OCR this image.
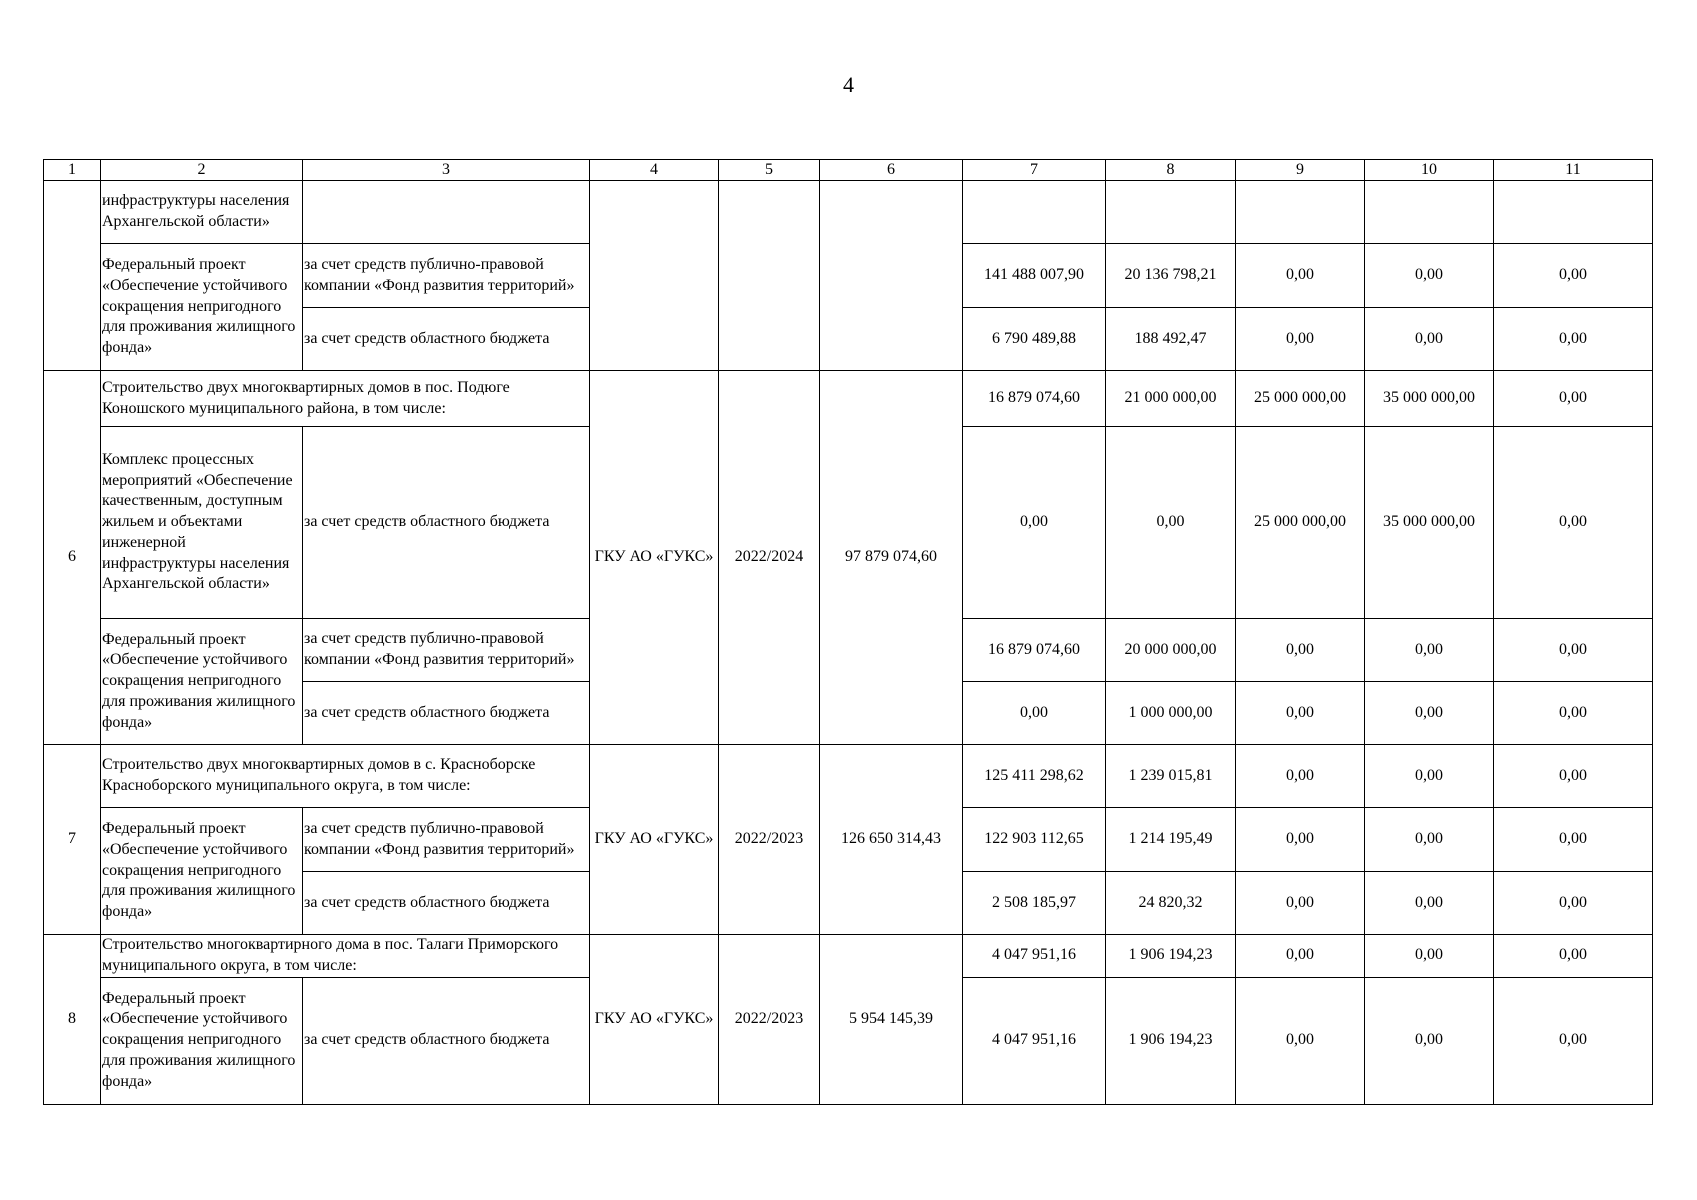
4
1	2	3	4	5	6	7	8	9	10	11
	инфраструктуры населения Архангельской области»									
	Федеральный проект «Обеспечение устойчивого сокращения непригодного для проживания жилищного фонда»	за счет средств публично-правовой компании «Фонд развития территорий»				141 488 007,90	20 136 798,21	0,00	0,00	0,00
		за счет средств областного бюджета				6 790 489,88	188 492,47	0,00	0,00	0,00
6	Строительство двух многоквартирных домов в пос. Подюге Коношского муниципального района, в том числе:		ГКУ АО «ГУКС»	2022/2024	97 879 074,60	16 879 074,60	21 000 000,00	25 000 000,00	35 000 000,00	0,00
	Комплекс процессных мероприятий «Обеспечение качественным, доступным жильем и объектами инженерной инфраструктуры населения Архангельской области»	за счет средств областного бюджета				0,00	0,00	25 000 000,00	35 000 000,00	0,00
	Федеральный проект «Обеспечение устойчивого сокращения непригодного для проживания жилищного фонда»	за счет средств публично-правовой компании «Фонд развития территорий»				16 879 074,60	20 000 000,00	0,00	0,00	0,00
		за счет средств областного бюджета				0,00	1 000 000,00	0,00	0,00	0,00
7	Строительство двух многоквартирных домов в с. Красноборске Красноборского муниципального округа, в том числе:		ГКУ АО «ГУКС»	2022/2023	126 650 314,43	125 411 298,62	1 239 015,81	0,00	0,00	0,00
	Федеральный проект «Обеспечение устойчивого сокращения непригодного для проживания жилищного фонда»	за счет средств публично-правовой компании «Фонд развития территорий»				122 903 112,65	1 214 195,49	0,00	0,00	0,00
		за счет средств областного бюджета				2 508 185,97	24 820,32	0,00	0,00	0,00
8	Строительство многоквартирного дома в пос. Талаги Приморского муниципального округа, в том числе:		ГКУ АО «ГУКС»	2022/2023	5 954 145,39	4 047 951,16	1 906 194,23	0,00	0,00	0,00
	Федеральный проект «Обеспечение устойчивого сокращения непригодного для проживания жилищного фонда»	за счет средств областного бюджета				4 047 951,16	1 906 194,23	0,00	0,00	0,00
